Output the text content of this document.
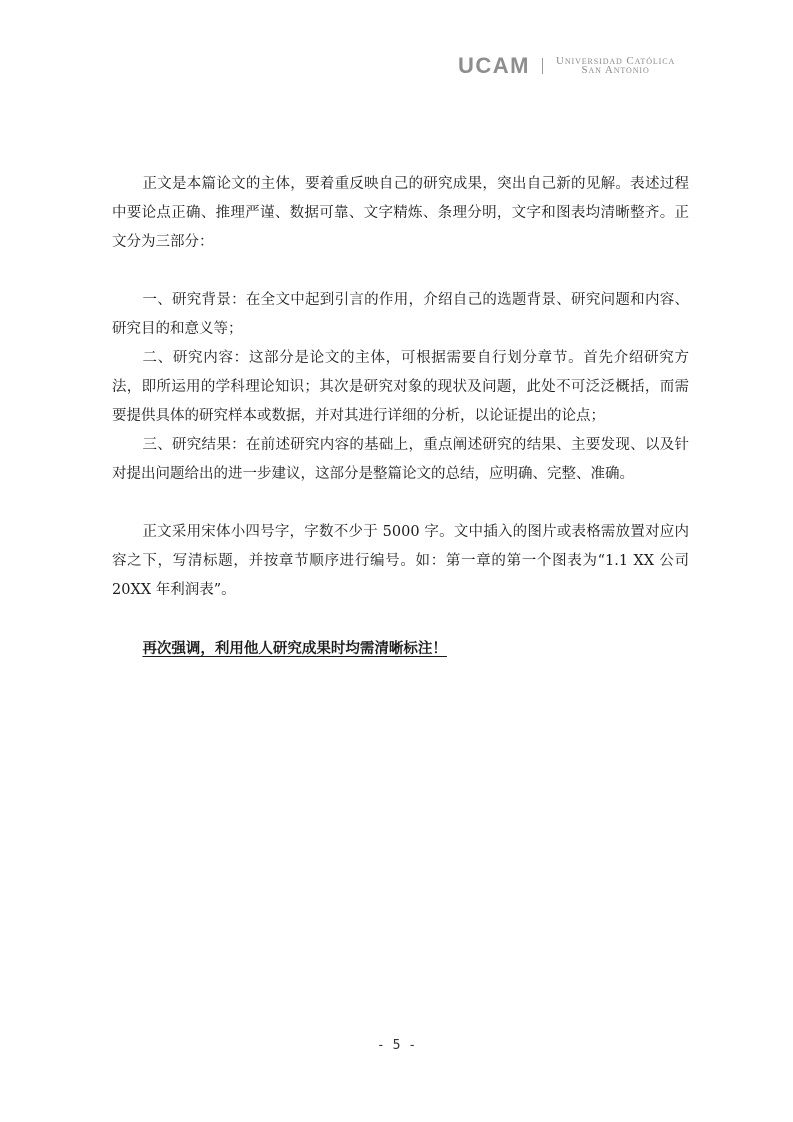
UCAM Universidad Católica
San Antonio

正文是本篇论文的主体，要着重反映自己的研究成果，突出自己新的见解。表述过程中要论点正确、推理严谨、数据可靠、文字精炼、条理分明，文字和图表均清晰整齐。正文分为三部分：

一、研究背景：在全文中起到引言的作用，介绍自己的选题背景、研究问题和内容、研究目的和意义等；

二、研究内容：这部分是论文的主体，可根据需要自行划分章节。首先介绍研究方法，即所运用的学科理论知识；其次是研究对象的现状及问题，此处不可泛泛概括，而需要提供具体的研究样本或数据，并对其进行详细的分析，以论证提出的论点；

三、研究结果：在前述研究内容的基础上，重点阐述研究的结果、主要发现、以及针对提出问题给出的进一步建议，这部分是整篇论文的总结，应明确、完整、准确。

正文采用宋体小四号字，字数不少于 5000 字。文中插入的图片或表格需放置对应内容之下，写清标题，并按章节顺序进行编号。如：第一章的第一个图表为“1.1 XX 公司 20XX 年利润表”。

再次强调，利用他人研究成果时均需清晰标注！

- 5 -
